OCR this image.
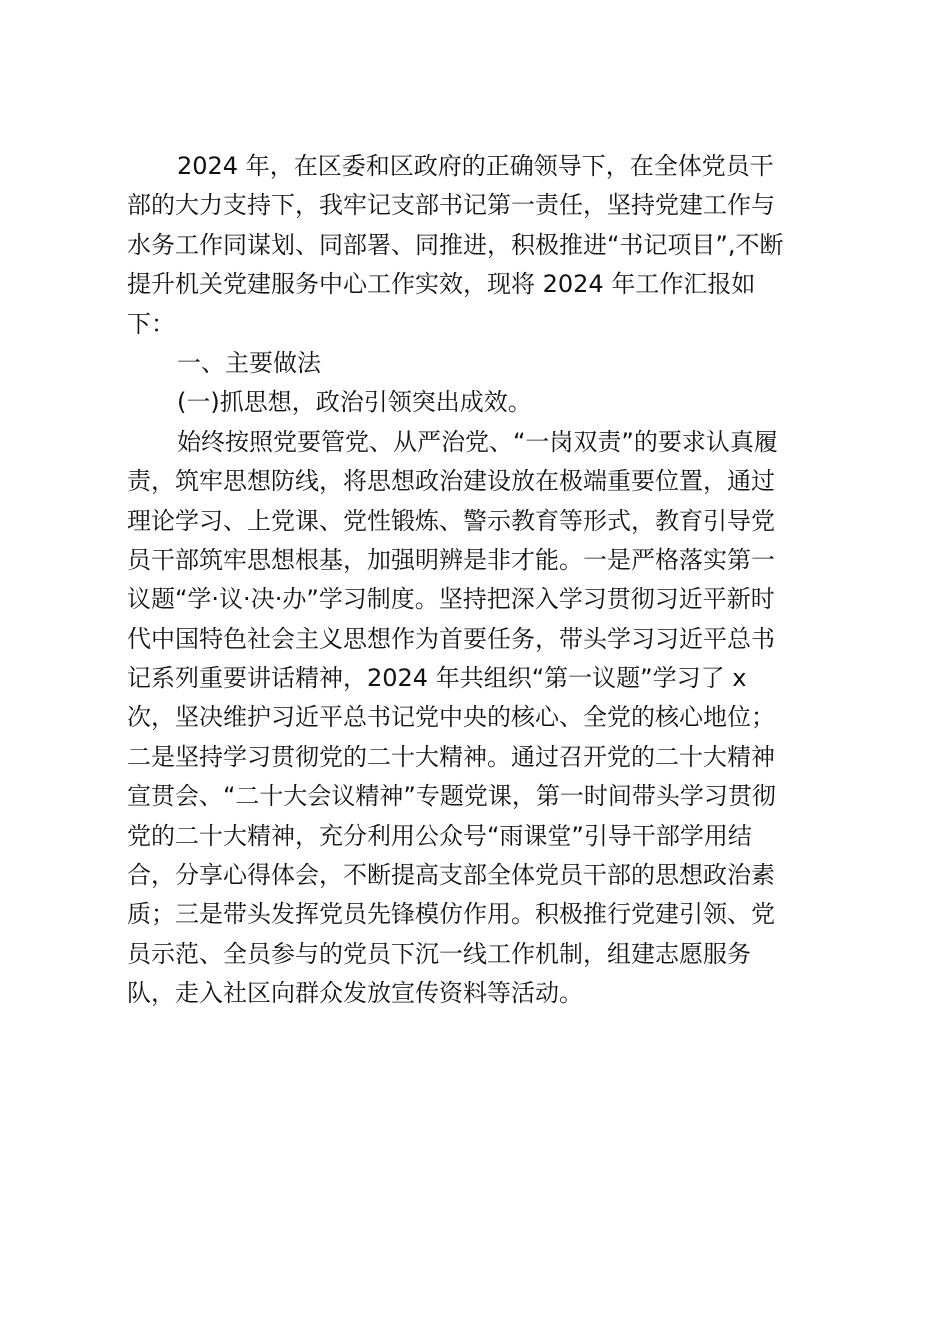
2024 年，在区委和区政府的正确领导下，在全体党员干
部的大力支持下，我牢记支部书记第一责任，坚持党建工作与
水务工作同谋划、同部署、同推进，积极推进“书记项目”,不断
提升机关党建服务中心工作实效，现将 2024 年工作汇报如
下：
一、主要做法
(一)抓思想，政治引领突出成效。
始终按照党要管党、从严治党、“一岗双责”的要求认真履
责，筑牢思想防线，将思想政治建设放在极端重要位置，通过
理论学习、上党课、党性锻炼、警示教育等形式，教育引导党
员干部筑牢思想根基，加强明辨是非才能。一是严格落实第一
议题“学·议·决·办”学习制度。坚持把深入学习贯彻习近平新时
代中国特色社会主义思想作为首要任务，带头学习习近平总书
记系列重要讲话精神，2024 年共组织“第一议题”学习了 x
次，坚决维护习近平总书记党中央的核心、全党的核心地位；
二是坚持学习贯彻党的二十大精神。通过召开党的二十大精神
宣贯会、“二十大会议精神”专题党课，第一时间带头学习贯彻
党的二十大精神，充分利用公众号“雨课堂”引导干部学用结
合，分享心得体会，不断提高支部全体党员干部的思想政治素
质；三是带头发挥党员先锋模仿作用。积极推行党建引领、党
员示范、全员参与的党员下沉一线工作机制，组建志愿服务
队，走入社区向群众发放宣传资料等活动。
